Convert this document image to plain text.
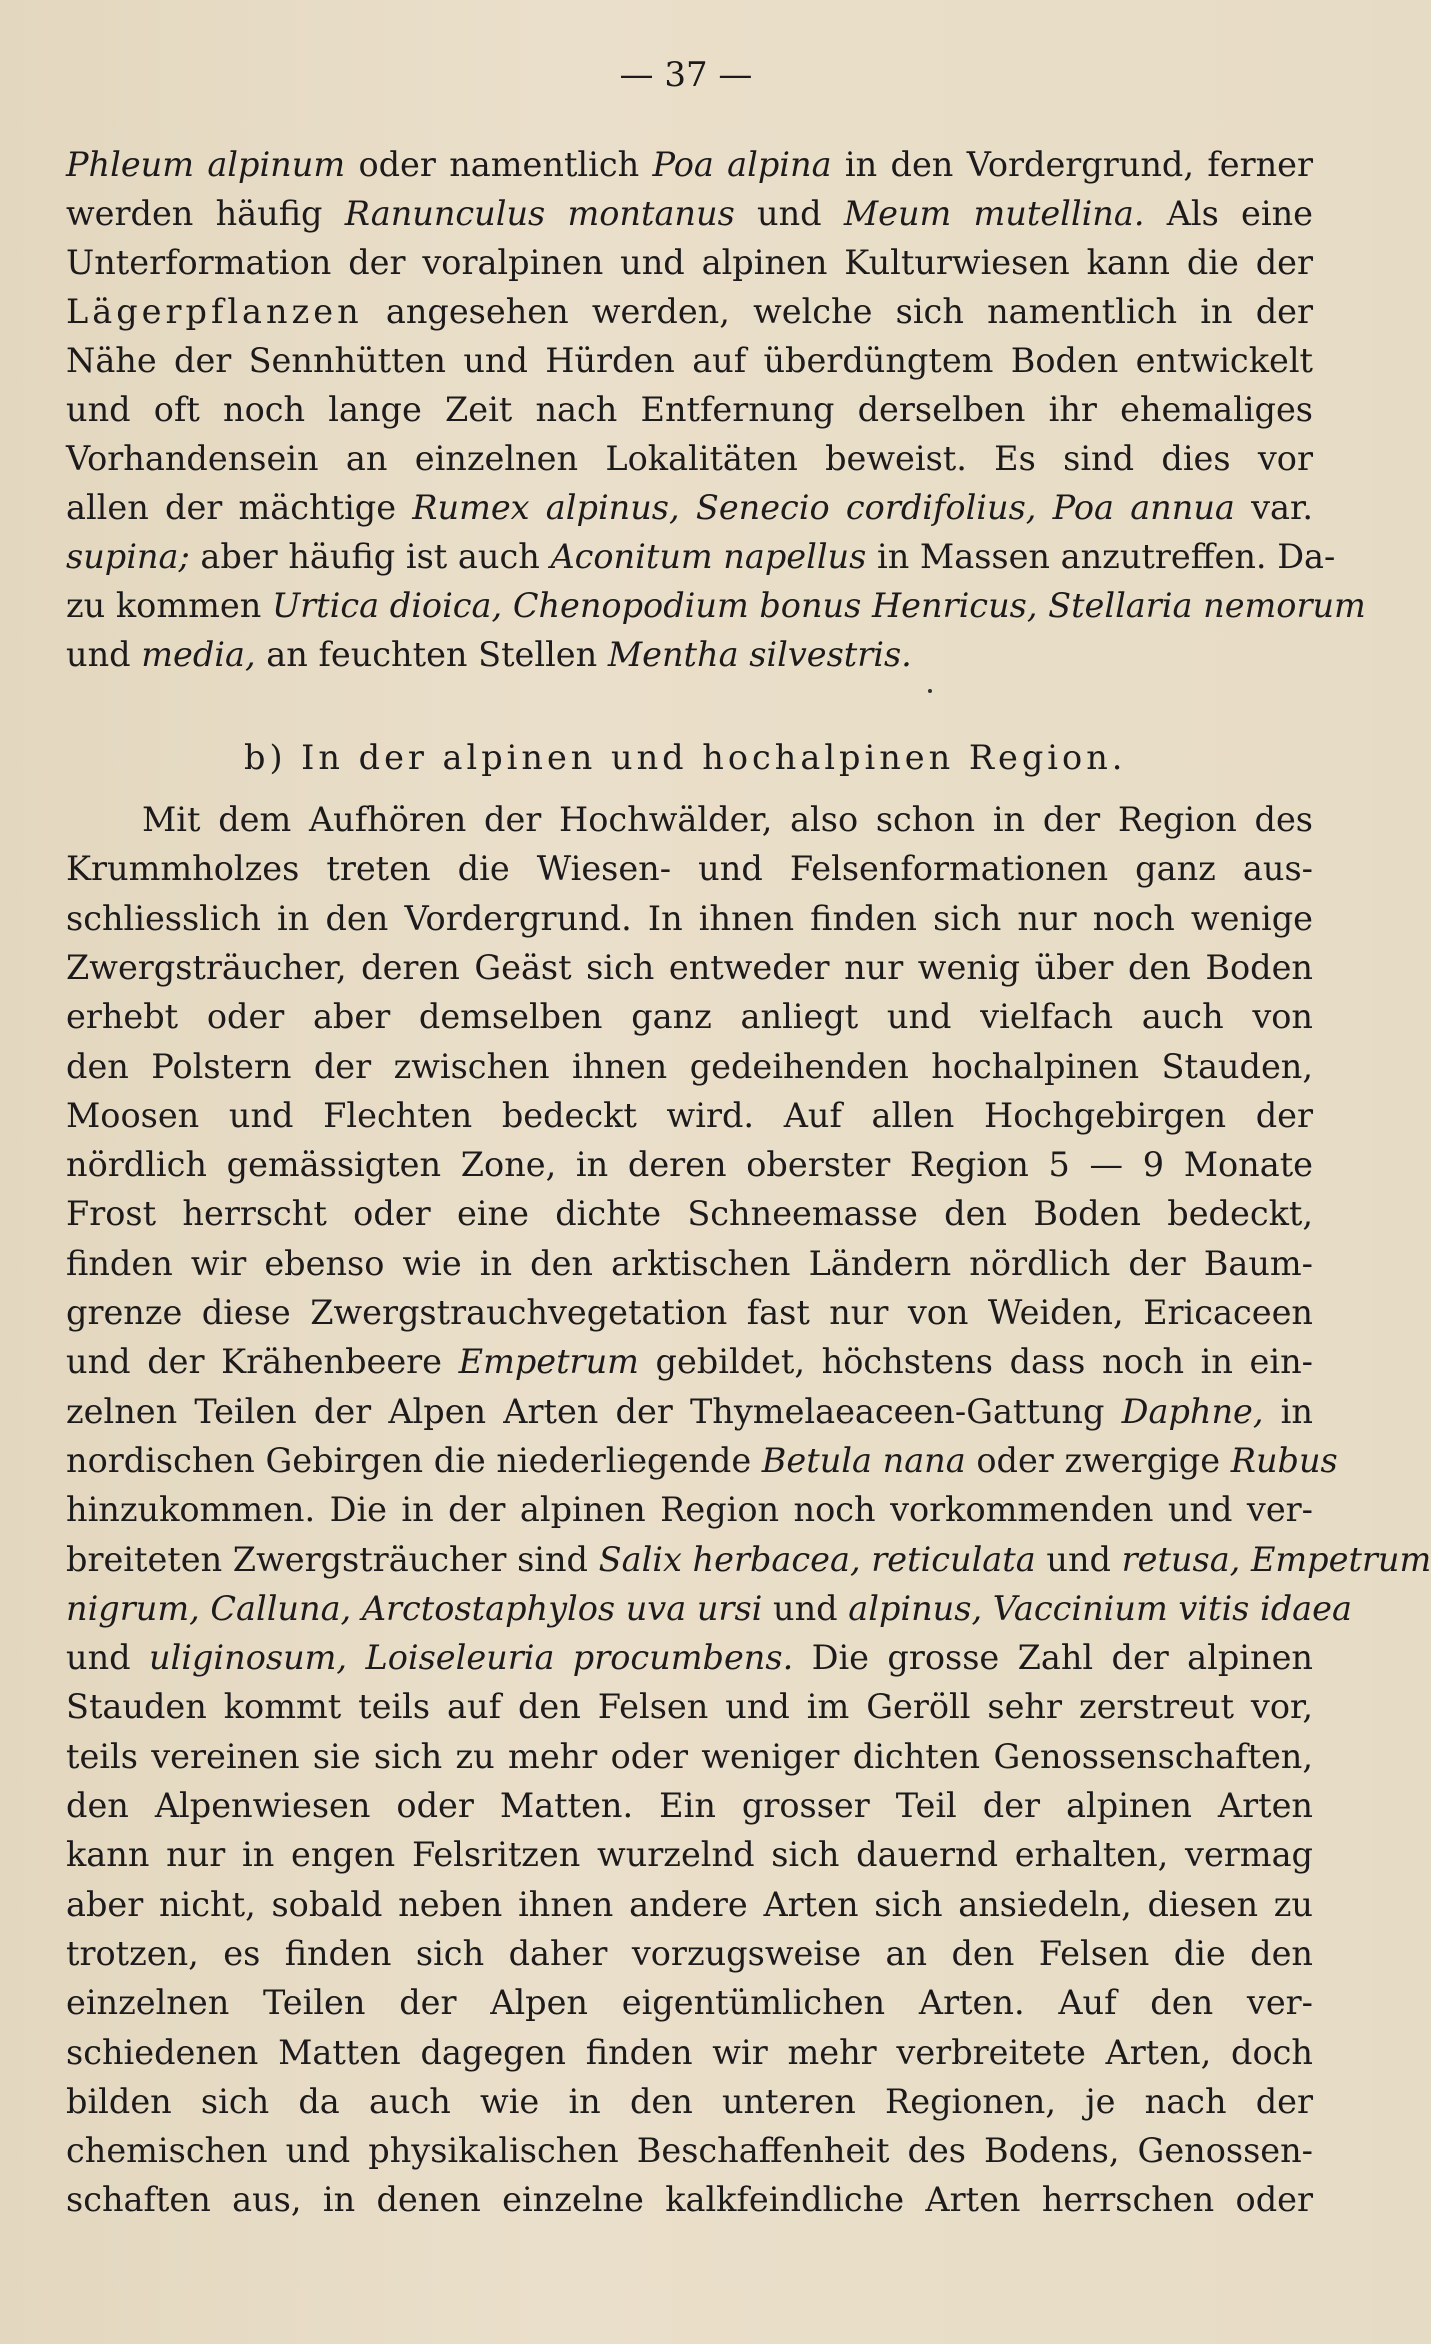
— 37 —
Phleum alpinum oder namentlich Poa alpina in den Vordergrund, ferner
werden häufig Ranunculus montanus und Meum mutellina. Als eine
Unterformation der voralpinen und alpinen Kulturwiesen kann die der
Lägerpflanzen angesehen werden, welche sich namentlich in der
Nähe der Sennhütten und Hürden auf überdüngtem Boden entwickelt
und oft noch lange Zeit nach Entfernung derselben ihr ehemaliges
Vorhandensein an einzelnen Lokalitäten beweist. Es sind dies vor
allen der mächtige Rumex alpinus, Senecio cordifolius, Poa annua var.
supina; aber häufig ist auch Aconitum napellus in Massen anzutreffen. Da-
zu kommen Urtica dioica, Chenopodium bonus Henricus, Stellaria nemorum
und media, an feuchten Stellen Mentha silvestris.
b) In der alpinen und hochalpinen Region.
Mit dem Aufhören der Hochwälder, also schon in der Region des
Krummholzes treten die Wiesen- und Felsenformationen ganz aus-
schliesslich in den Vordergrund. In ihnen finden sich nur noch wenige
Zwergsträucher, deren Geäst sich entweder nur wenig über den Boden
erhebt oder aber demselben ganz anliegt und vielfach auch von
den Polstern der zwischen ihnen gedeihenden hochalpinen Stauden,
Moosen und Flechten bedeckt wird. Auf allen Hochgebirgen der
nördlich gemässigten Zone, in deren oberster Region 5 — 9 Monate
Frost herrscht oder eine dichte Schneemasse den Boden bedeckt,
finden wir ebenso wie in den arktischen Ländern nördlich der Baum-
grenze diese Zwergstrauchvegetation fast nur von Weiden, Ericaceen
und der Krähenbeere Empetrum gebildet, höchstens dass noch in ein-
zelnen Teilen der Alpen Arten der Thymelaeaceen-Gattung Daphne, in
nordischen Gebirgen die niederliegende Betula nana oder zwergige Rubus
hinzukommen. Die in der alpinen Region noch vorkommenden und ver-
breiteten Zwergsträucher sind Salix herbacea, reticulata und retusa, Empetrum
nigrum, Calluna, Arctostaphylos uva ursi und alpinus, Vaccinium vitis idaea
und uliginosum, Loiseleuria procumbens. Die grosse Zahl der alpinen
Stauden kommt teils auf den Felsen und im Geröll sehr zerstreut vor,
teils vereinen sie sich zu mehr oder weniger dichten Genossenschaften,
den Alpenwiesen oder Matten. Ein grosser Teil der alpinen Arten
kann nur in engen Felsritzen wurzelnd sich dauernd erhalten, vermag
aber nicht, sobald neben ihnen andere Arten sich ansiedeln, diesen zu
trotzen, es finden sich daher vorzugsweise an den Felsen die den
einzelnen Teilen der Alpen eigentümlichen Arten. Auf den ver-
schiedenen Matten dagegen finden wir mehr verbreitete Arten, doch
bilden sich da auch wie in den unteren Regionen, je nach der
chemischen und physikalischen Beschaffenheit des Bodens, Genossen-
schaften aus, in denen einzelne kalkfeindliche Arten herrschen oder
